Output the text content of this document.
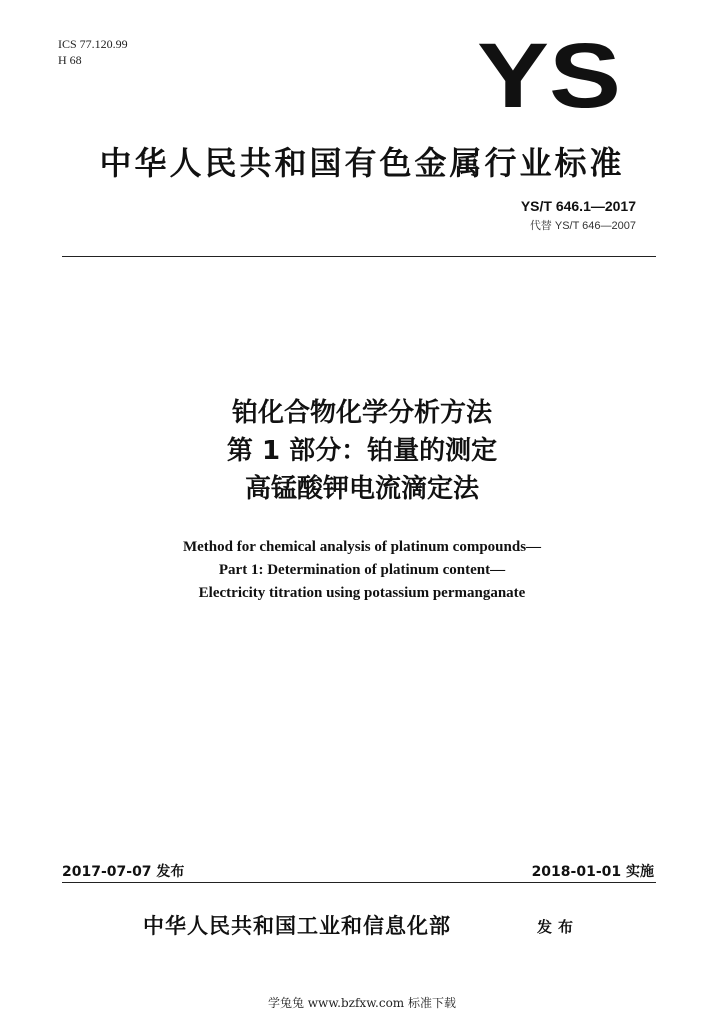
ICS 77.120.99
H 68	YS
中华人民共和国有色金属行业标准
YS/T 646.1—2017
代替 YS/T 646—2007
铂化合物化学分析方法
第 1 部分：铂量的测定
高锰酸钾电流滴定法
Method for chemical analysis of platinum compounds—
Part 1: Determination of platinum content—
Electricity titration using potassium permanganate
2017-07-07 发布	2018-01-01 实施
中华人民共和国工业和信息化部	发布
学兔兔 www.bzfxw.com 标准下载
